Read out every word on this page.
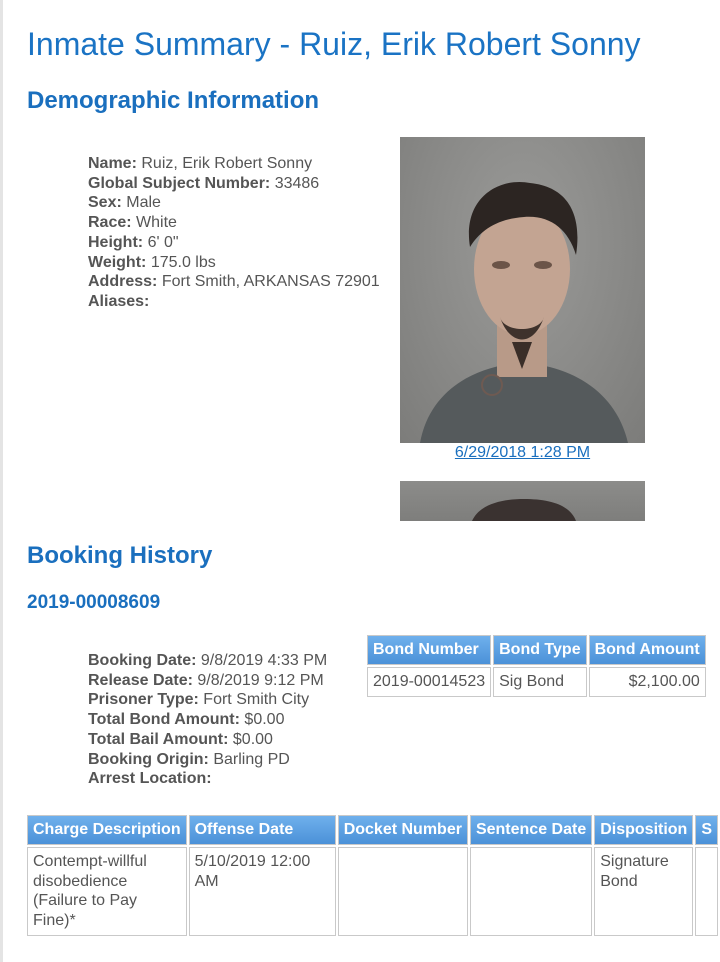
Inmate Summary - Ruiz, Erik Robert Sonny
Demographic Information
Name: Ruiz, Erik Robert Sonny
Global Subject Number: 33486
Sex: Male
Race: White
Height: 6' 0"
Weight: 175.0 lbs
Address: Fort Smith, ARKANSAS 72901
Aliases:
6/29/2018 1:28 PM
Booking History
2019-00008609
Booking Date: 9/8/2019 4:33 PM
Release Date: 9/8/2019 9:12 PM
Prisoner Type: Fort Smith City
Total Bond Amount: $0.00
Total Bail Amount: $0.00
Booking Origin: Barling PD
Arrest Location:
Bond Number	Bond Type	Bond Amount
2019-00014523	Sig Bond	$2,100.00
Charge Description	Offense Date	Docket Number	Sentence Date	Disposition	S
Contempt-willful disobedience (Failure to Pay Fine)*	5/10/2019 12:00 AM			Signature Bond	
